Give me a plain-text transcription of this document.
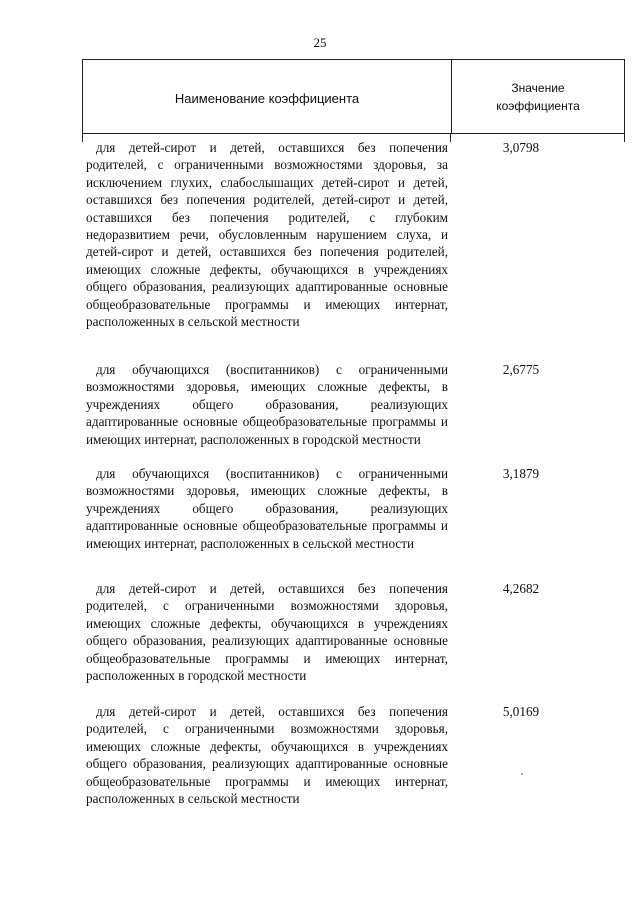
25
Наименование коэффициента
Значение
коэффициента
для детей-сирот и детей, оставшихся без попечения родителей, с ограниченными возможностями здоровья, за исключением глухих, слабослышащих детей-сирот и детей, оставшихся без попечения родителей, детей-сирот и детей, оставшихся без попечения родителей, с глубоким недоразвитием речи, обусловленным нарушением слуха, и детей-сирот и детей, оставшихся без попечения родителей, имеющих сложные дефекты, обучающихся в учреждениях общего образования, реализующих адаптированные основные общеобразовательные программы и имеющих интернат, расположенных в сельской местности
3,0798
для обучающихся (воспитанников) с ограниченными возможностями здоровья, имеющих сложные дефекты, в учреждениях общего образования, реализующих адаптированные основные общеобразовательные программы и имеющих интернат, расположенных в городской местности
2,6775
для обучающихся (воспитанников) с ограниченными возможностями здоровья, имеющих сложные дефекты, в учреждениях общего образования, реализующих адаптированные основные общеобразовательные программы и имеющих интернат, расположенных в сельской местности
3,1879
для детей-сирот и детей, оставшихся без попечения родителей, с ограниченными возможностями здоровья, имеющих сложные дефекты, обучающихся в учреждениях общего образования, реализующих адаптированные основные общеобразовательные программы и имеющих интернат, расположенных в городской местности
4,2682
для детей-сирот и детей, оставшихся без попечения родителей, с ограниченными возможностями здоровья, имеющих сложные дефекты, обучающихся в учреждениях общего образования, реализующих адаптированные основные общеобразовательные программы и имеющих интернат, расположенных в сельской местности
5,0169
